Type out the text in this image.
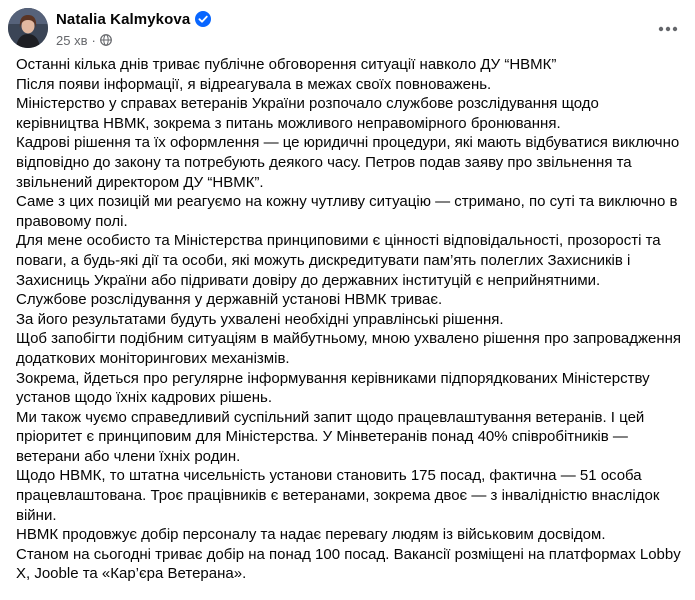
Natalia Kalmykova
25 хв ·

Останні кілька днів триває публічне обговорення ситуації навколо ДУ “НВМК”

Після появи інформації, я відреагувала в межах своїх повноважень.

Міністерство у справах ветеранів України розпочало службове розслідування щодо керівництва НВМК, зокрема з питань можливого неправомірного бронювання.

Кадрові рішення та їх оформлення — це юридичні процедури, які мають відбуватися виключно відповідно до закону та потребують деякого часу. Петров подав заяву про звільнення та звільнений директором ДУ “НВМК”.

Саме з цих позицій ми реагуємо на кожну чутливу ситуацію — стримано, по суті та виключно в правовому полі.

Для мене особисто та Міністерства принциповими є цінності відповідальності, прозорості та поваги, а будь-які дії та особи, які можуть дискредитувати пам’ять полеглих Захисників і Захисниць України або підривати довіру до державних інституцій є неприйнятними.

Службове розслідування у державній установі НВМК триває.

За його результатами будуть ухвалені необхідні управлінські рішення.

Щоб запобігти подібним ситуаціям в майбутньому, мною ухвалено рішення про запровадження додаткових моніторингових механізмів.

Зокрема, йдеться про регулярне інформування керівниками підпорядкованих Міністерству установ щодо їхніх кадрових рішень.

Ми також чуємо справедливий суспільний запит щодо працевлаштування ветеранів. І цей пріоритет є принциповим для Міністерства. У Мінветеранів понад 40% співробітників — ветерани або члени їхніх родин.

Щодо НВМК, то штатна чисельність установи становить 175 посад, фактична — 51 особа працевлаштована. Троє працівників є ветеранами, зокрема двоє — з інвалідністю внаслідок війни.

НВМК продовжує добір персоналу та надає перевагу людям із військовим досвідом.

Станом на сьогодні триває добір на понад 100 посад. Вакансії розміщені на платформах Lobby X, Jooble та «Кар’єра Ветерана».
